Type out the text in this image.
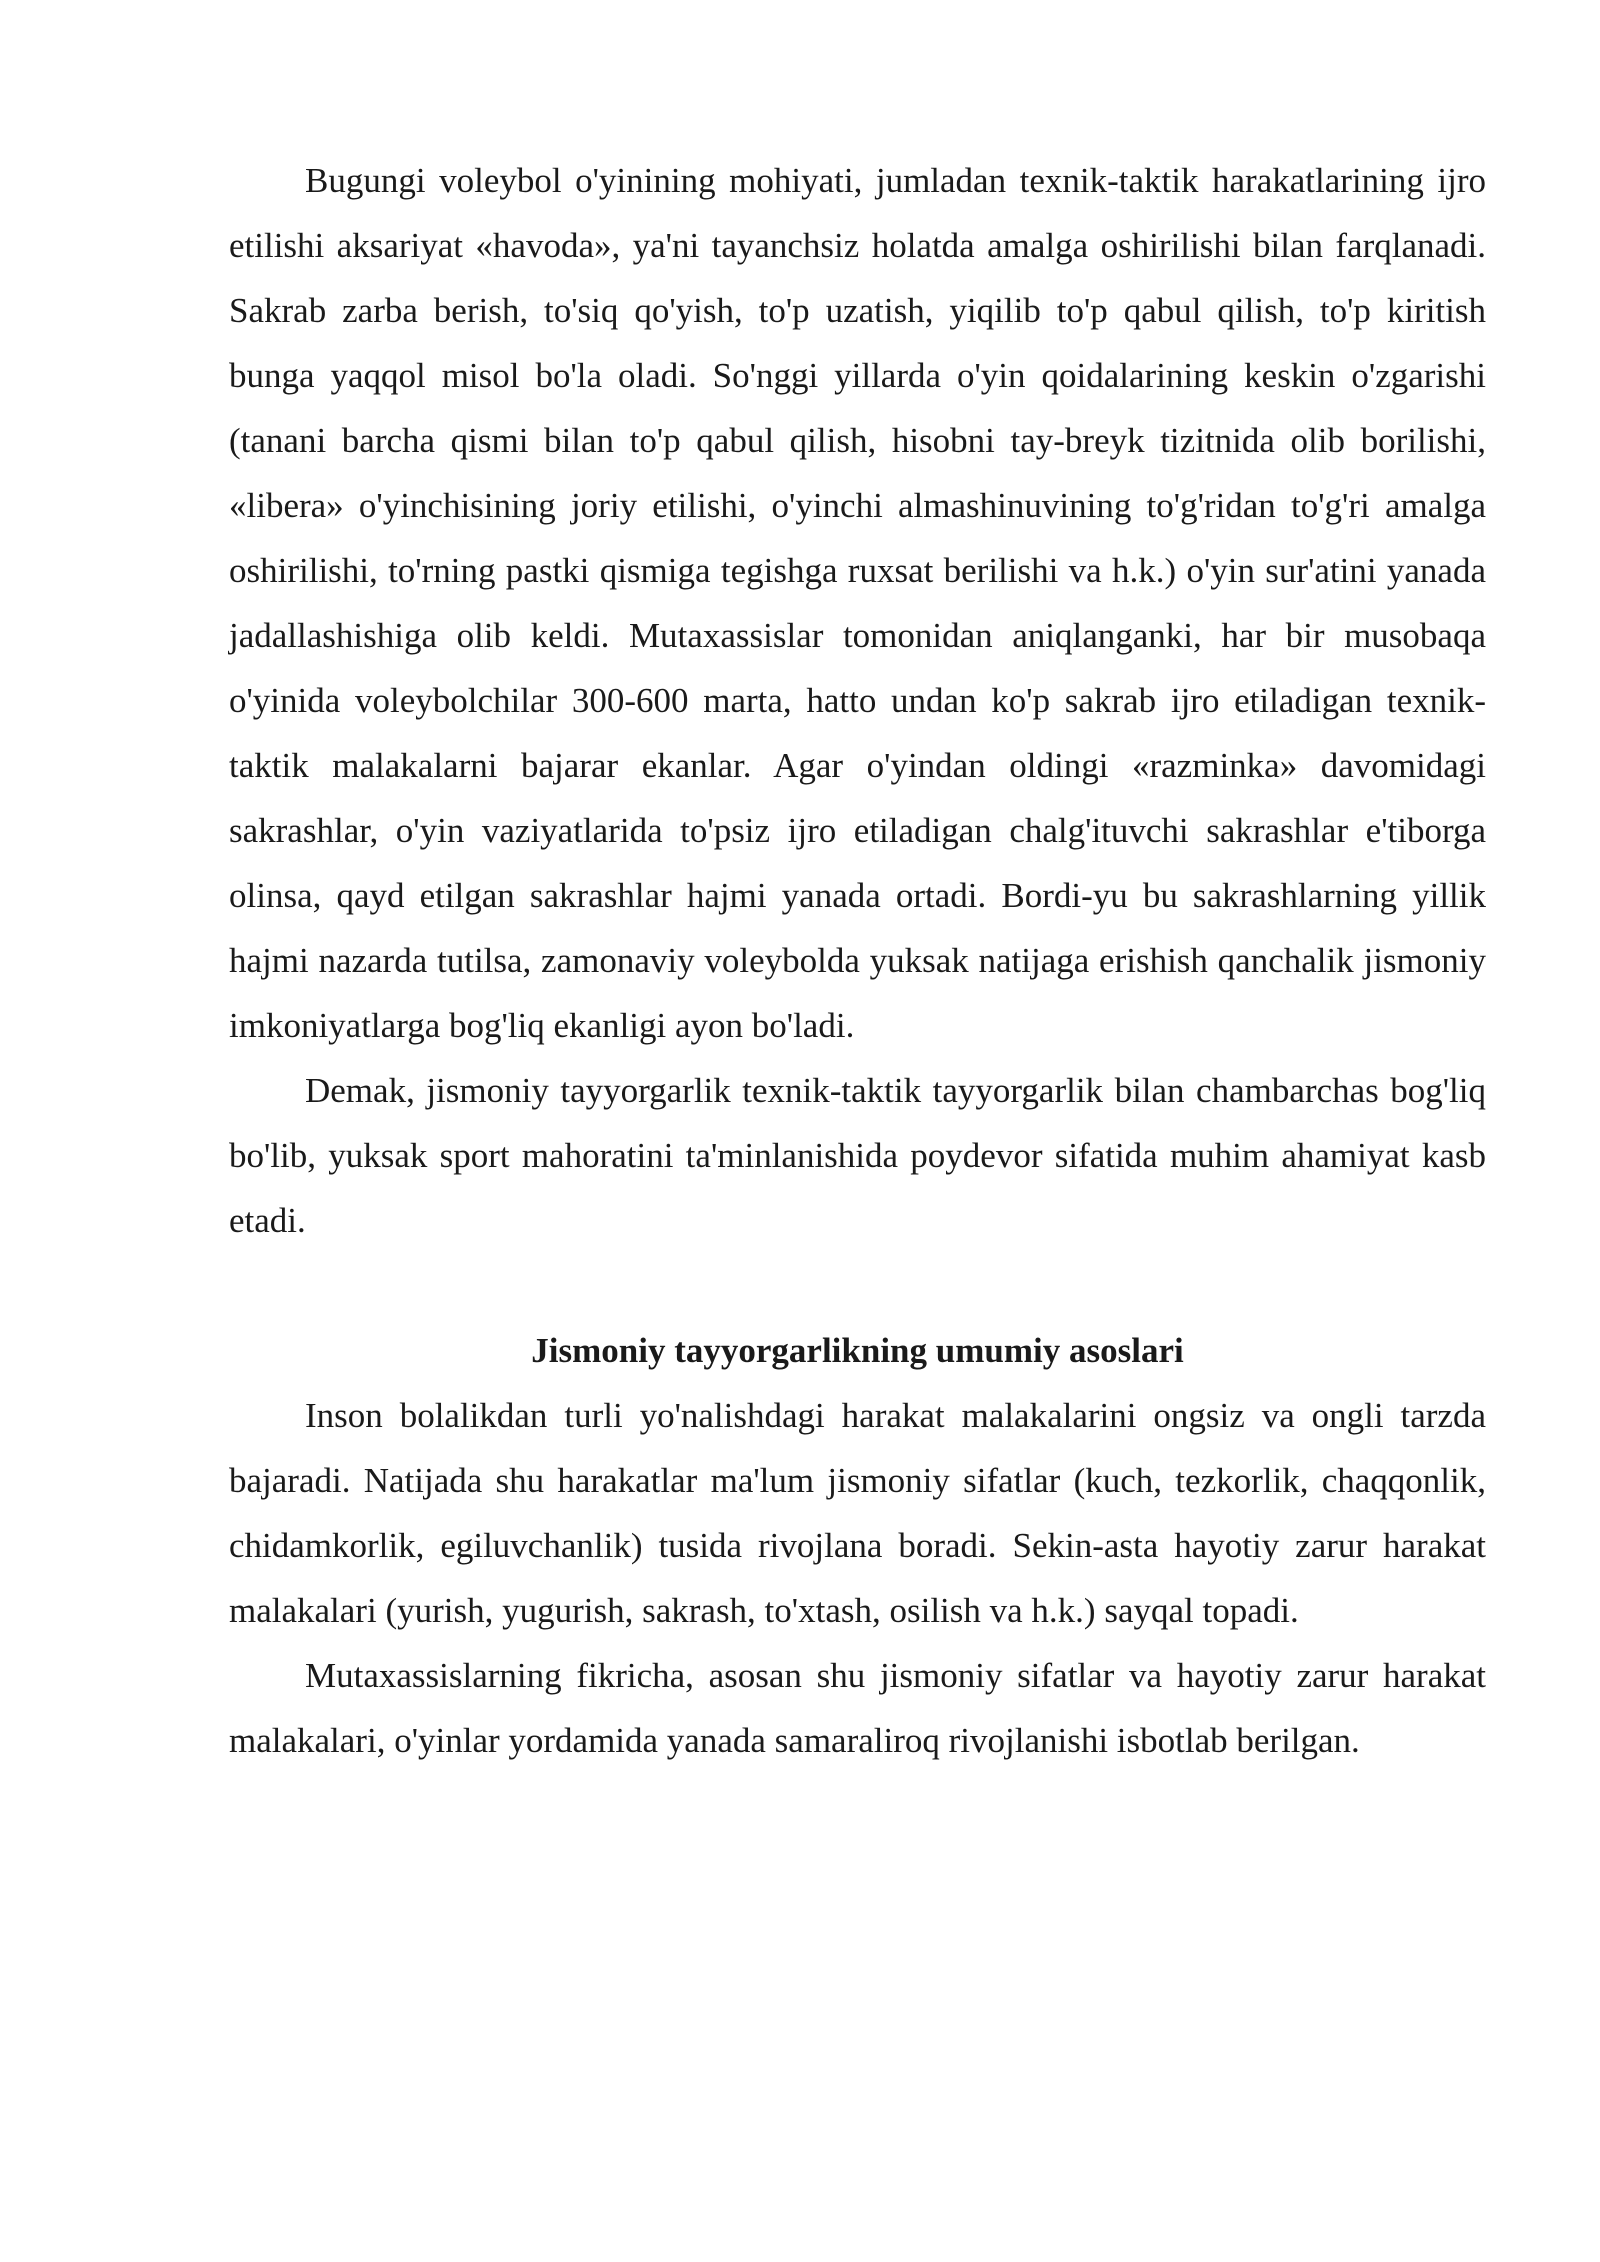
Bugungi voleybol o'yinining mohiyati, jumladan texnik-taktik harakatlarining ijro etilishi aksariyat «havoda», ya'ni tayanchsiz holatda amalga oshirilishi bilan farqlanadi. Sakrab zarba berish, to'siq qo'yish, to'p uzatish, yiqilib to'p qabul qilish, to'p kiritish bunga yaqqol misol bo'la oladi. So'nggi yillarda o'yin qoidalarining keskin o'zgarishi (tanani barcha qismi bilan to'p qabul qilish, hisobni tay-breyk tizitnida olib borilishi, «libera» o'yinchisining joriy etilishi, o'yinchi almashinuvining to'g'ridan to'g'ri amalga oshirilishi, to'rning pastki qismiga tegishga ruxsat berilishi va h.k.) o'yin sur'atini yanada jadallashishiga olib keldi. Mutaxassislar tomonidan aniqlanganki, har bir musobaqa o'yinida voleybolchilar 300-600 marta, hatto undan ko'p sakrab ijro etiladigan texnik-taktik malakalarni bajarar ekanlar. Agar o'yindan oldingi «razminka» davomidagi sakrashlar, o'yin vaziyatlarida to'psiz ijro etiladigan chalg'ituvchi sakrashlar e'tiborga olinsa, qayd etilgan sakrashlar hajmi yanada ortadi. Bordi-yu bu sakrashlarning yillik hajmi nazarda tutilsa, zamonaviy voleybolda yuksak natijaga erishish qanchalik jismoniy imkoniyatlarga bog'liq ekanligi ayon bo'ladi.

Demak, jismoniy tayyorgarlik texnik-taktik tayyorgarlik bilan chambarchas bog'liq bo'lib, yuksak sport mahoratini ta'minlanishida poydevor sifatida muhim ahamiyat kasb etadi.

Jismoniy tayyorgarlikning umumiy asoslari

Inson bolalikdan turli yo'nalishdagi harakat malakalarini ongsiz va ongli tarzda bajaradi. Natijada shu harakatlar ma'lum jismoniy sifatlar (kuch, tezkorlik, chaqqonlik, chidamkorlik, egiluvchanlik) tusida rivojlana boradi. Sekin-asta hayotiy zarur harakat malakalari (yurish, yugurish, sakrash, to'xtash, osilish va h.k.) sayqal topadi.

Mutaxassislarning fikricha, asosan shu jismoniy sifatlar va hayotiy zarur harakat malakalari, o'yinlar yordamida yanada samaraliroq rivojlanishi isbotlab berilgan.
